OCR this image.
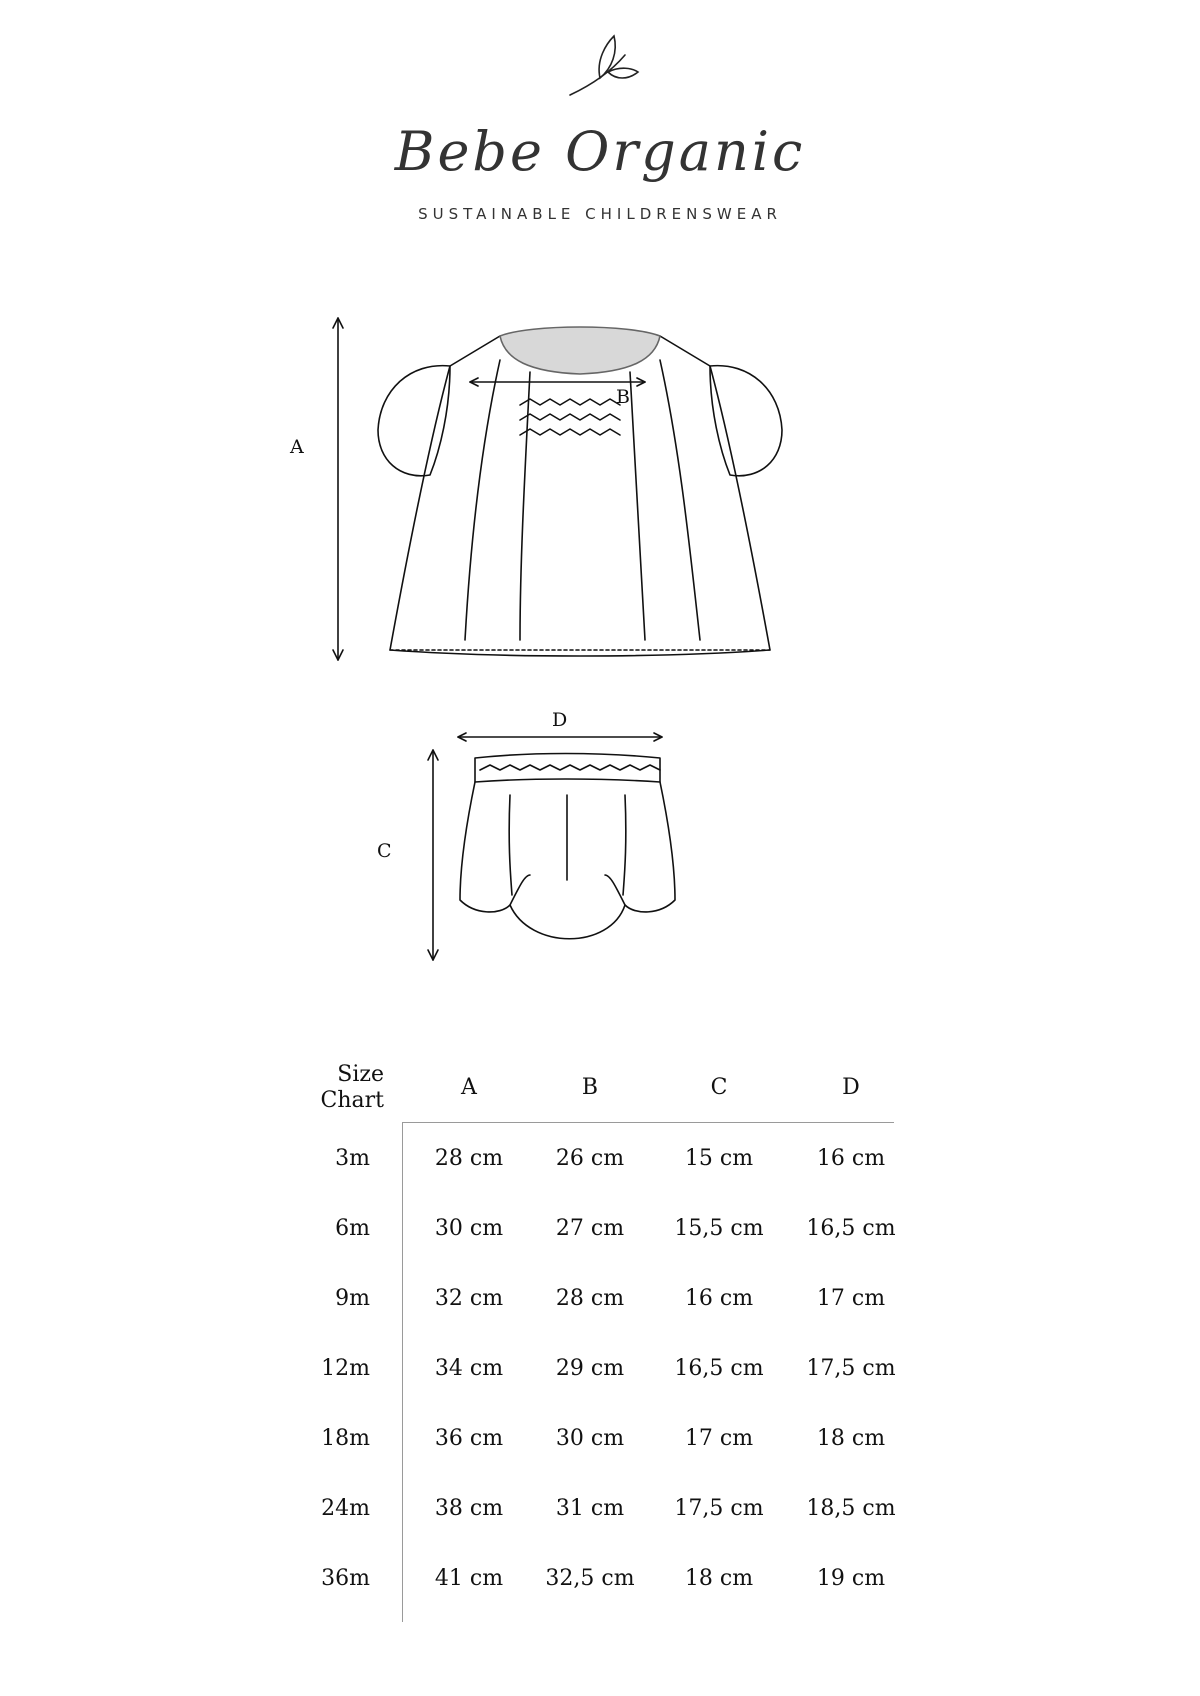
Bebe Organic
SUSTAINABLE CHILDRENSWEAR
A
B
D
C
Size
Chart
A	B	C	D
3m	28 cm	26 cm	15 cm	16 cm
6m	30 cm	27 cm	15,5 cm	16,5 cm
9m	32 cm	28 cm	16 cm	17 cm
12m	34 cm	29 cm	16,5 cm	17,5 cm
18m	36 cm	30 cm	17 cm	18 cm
24m	38 cm	31 cm	17,5 cm	18,5 cm
36m	41 cm	32,5 cm	18 cm	19 cm
